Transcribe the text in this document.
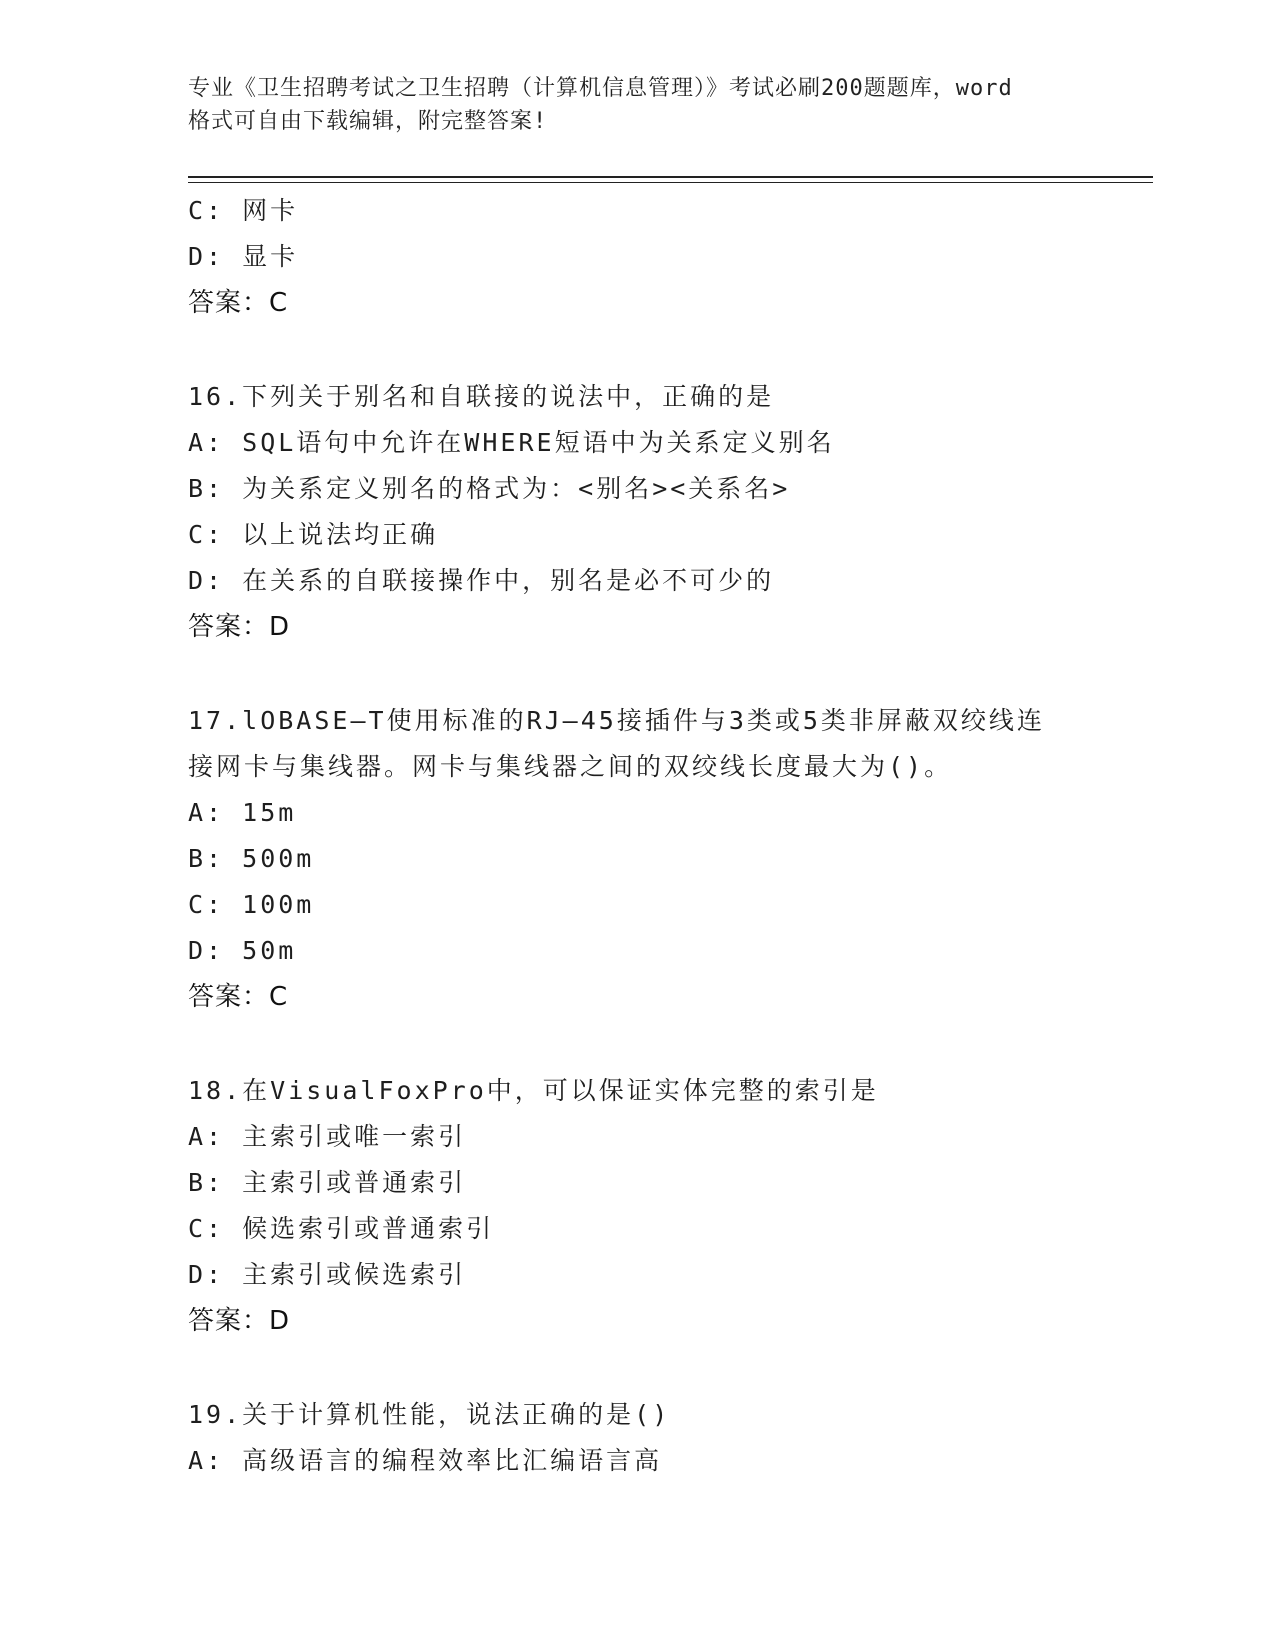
专业《卫生招聘考试之卫生招聘（计算机信息管理）》考试必刷200题题库，word
格式可自由下载编辑，附完整答案!
C: 网卡
D: 显卡
答案：C
16.下列关于别名和自联接的说法中，正确的是
A: SQL语句中允许在WHERE短语中为关系定义别名
B: 为关系定义别名的格式为：<别名><关系名>
C: 以上说法均正确
D: 在关系的自联接操作中，别名是必不可少的
答案：D
17.lOBASE—T使用标准的RJ—45接插件与3类或5类非屏蔽双绞线连
接网卡与集线器。网卡与集线器之间的双绞线长度最大为()。
A: 15m
B: 500m
C: 100m
D: 50m
答案：C
18.在VisualFoxPro中，可以保证实体完整的索引是
A: 主索引或唯一索引
B: 主索引或普通索引
C: 候选索引或普通索引
D: 主索引或候选索引
答案：D
19.关于计算机性能，说法正确的是()
A: 高级语言的编程效率比汇编语言高
